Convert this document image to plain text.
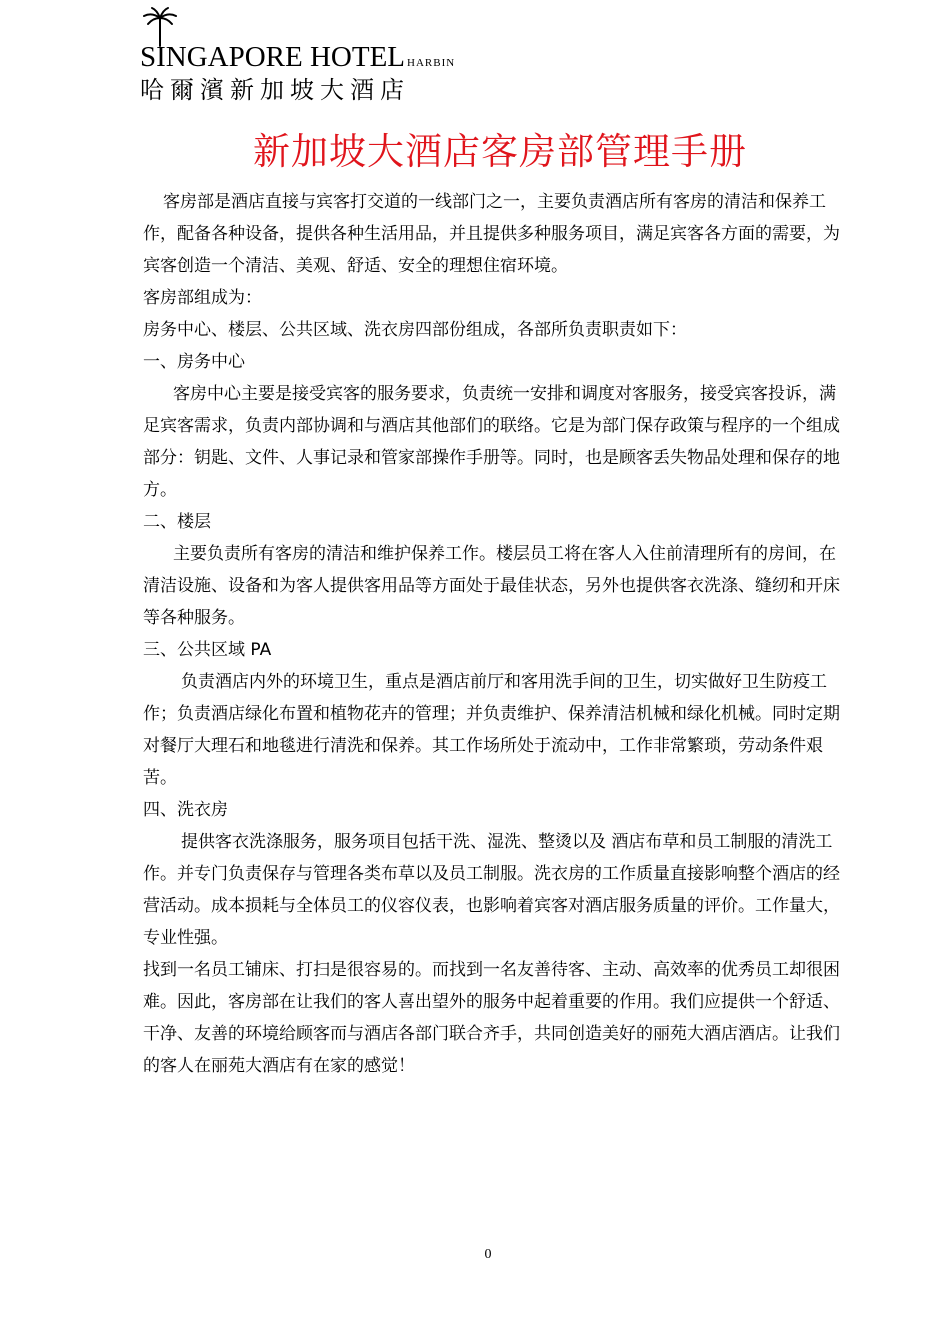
SINGAPORE HOTEL HARBIN
哈爾濱新加坡大酒店
新加坡大酒店客房部管理手册

客房部是酒店直接与宾客打交道的一线部门之一，主要负责酒店所有客房的清洁和保养工作，配备各种设备，提供各种生活用品，并且提供多种服务项目，满足宾客各方面的需要，为宾客创造一个清洁、美观、舒适、安全的理想住宿环境。

客房部组成为：

房务中心、楼层、公共区域、洗衣房四部份组成，各部所负责职责如下：

一、房务中心

客房中心主要是接受宾客的服务要求，负责统一安排和调度对客服务，接受宾客投诉，满足宾客需求，负责内部协调和与酒店其他部们的联络。它是为部门保存政策与程序的一个组成部分：钥匙、文件、人事记录和管家部操作手册等。同时，也是顾客丢失物品处理和保存的地方。

二、楼层

主要负责所有客房的清洁和维护保养工作。楼层员工将在客人入住前清理所有的房间，在清洁设施、设备和为客人提供客用品等方面处于最佳状态，另外也提供客衣洗涤、缝纫和开床等各种服务。

三、公共区域 PA

负责酒店内外的环境卫生，重点是酒店前厅和客用洗手间的卫生，切实做好卫生防疫工作；负责酒店绿化布置和植物花卉的管理；并负责维护、保养清洁机械和绿化机械。同时定期对餐厅大理石和地毯进行清洗和保养。其工作场所处于流动中，工作非常繁琐，劳动条件艰苦。

四、洗衣房

提供客衣洗涤服务，服务项目包括干洗、湿洗、整烫以及 酒店布草和员工制服的清洗工作。并专门负责保存与管理各类布草以及员工制服。洗衣房的工作质量直接影响整个酒店的经营活动。成本损耗与全体员工的仪容仪表，也影响着宾客对酒店服务质量的评价。工作量大，专业性强。

找到一名员工铺床、打扫是很容易的。而找到一名友善待客、主动、高效率的优秀员工却很困难。因此，客房部在让我们的客人喜出望外的服务中起着重要的作用。我们应提供一个舒适、干净、友善的环境给顾客而与酒店各部门联合齐手，共同创造美好的丽苑大酒店酒店。让我们的客人在丽苑大酒店有在家的感觉！

0
